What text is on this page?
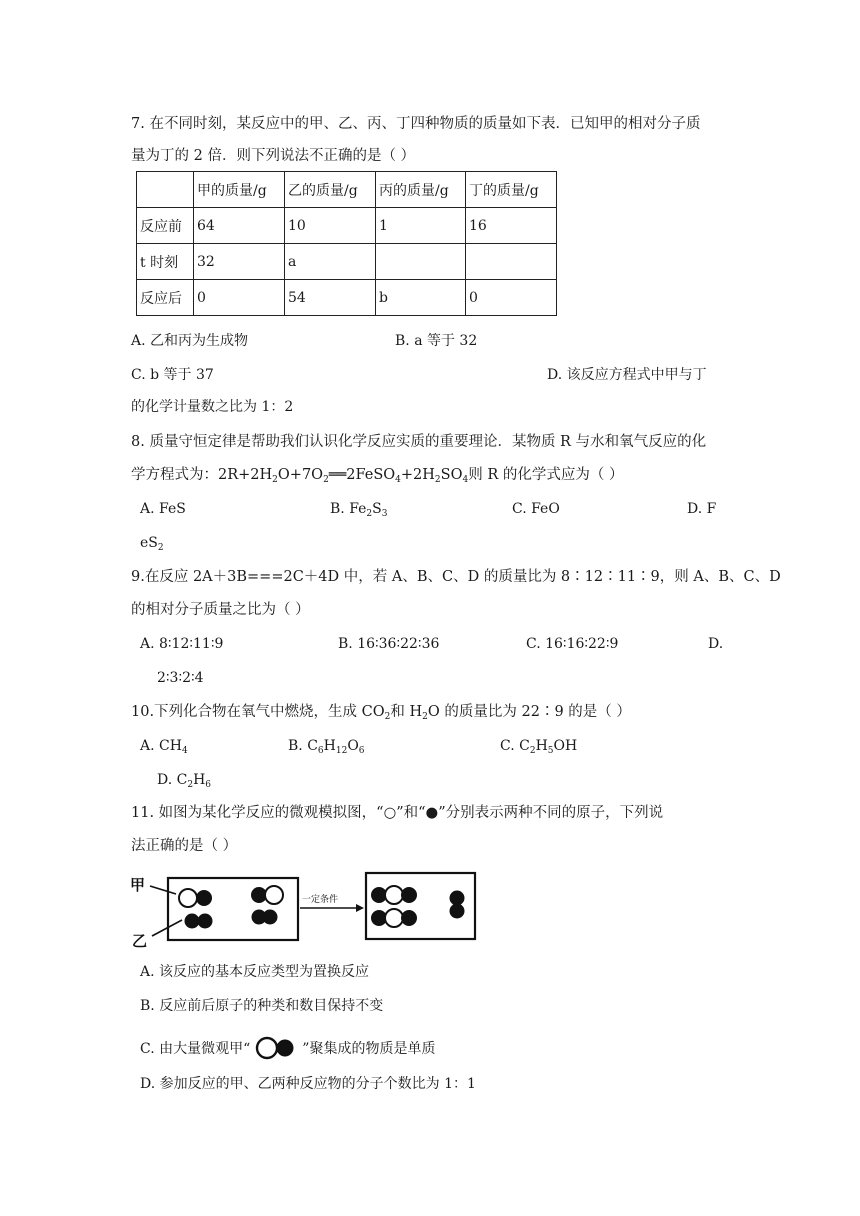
7. 在不同时刻，某反应中的甲、乙、丙、丁四种物质的质量如下表．已知甲的相对分子质
量为丁的 2 倍．则下列说法不正确的是（ ）
	甲的质量/g	乙的质量/g	丙的质量/g	丁的质量/g
反应前	64	10	1	16
t 时刻	32	a		
反应后	0	54	b	0
A. 乙和丙为生成物	B. a 等于 32
C. b 等于 37	D. 该反应方程式中甲与丁
的化学计量数之比为 1：2
8. 质量守恒定律是帮助我们认识化学反应实质的重要理论．某物质 R 与水和氧气反应的化
学方程式为：$2R+2H_2O+7O_2══2FeSO_4+2H_2SO_4$则 R 的化学式应为（ ）
A. FeS	B. $Fe_2S_3$	C. FeO	D. F
$eS_2$
9.在反应 2A＋3B===2C＋4D 中，若 A、B、C、D 的质量比为 8∶12∶11∶9，则 A、B、C、D
的相对分子质量之比为（ ）
A. 8∶12∶11∶9	B. 16∶36∶22∶36	C. 16∶16∶22∶9	D.
2∶3∶2∶4
10.下列化合物在氧气中燃烧，生成 $CO_2$和 $H_2O$ 的质量比为 22∶9 的是（ ）
A. $CH_4$	B. $C_6H_{12}O_6$	C. $C_2H_5OH$
D. $C_2H_6$
11. 如图为某化学反应的微观模拟图，“○”和“●”分别表示两种不同的原子，下列说
法正确的是（ ）
甲
乙
一定条件
A. 该反应的基本反应类型为置换反应
B. 反应前后原子的种类和数目保持不变
C. 由大量微观甲“	”聚集成的物质是单质
D. 参加反应的甲、乙两种反应物的分子个数比为 1：1
